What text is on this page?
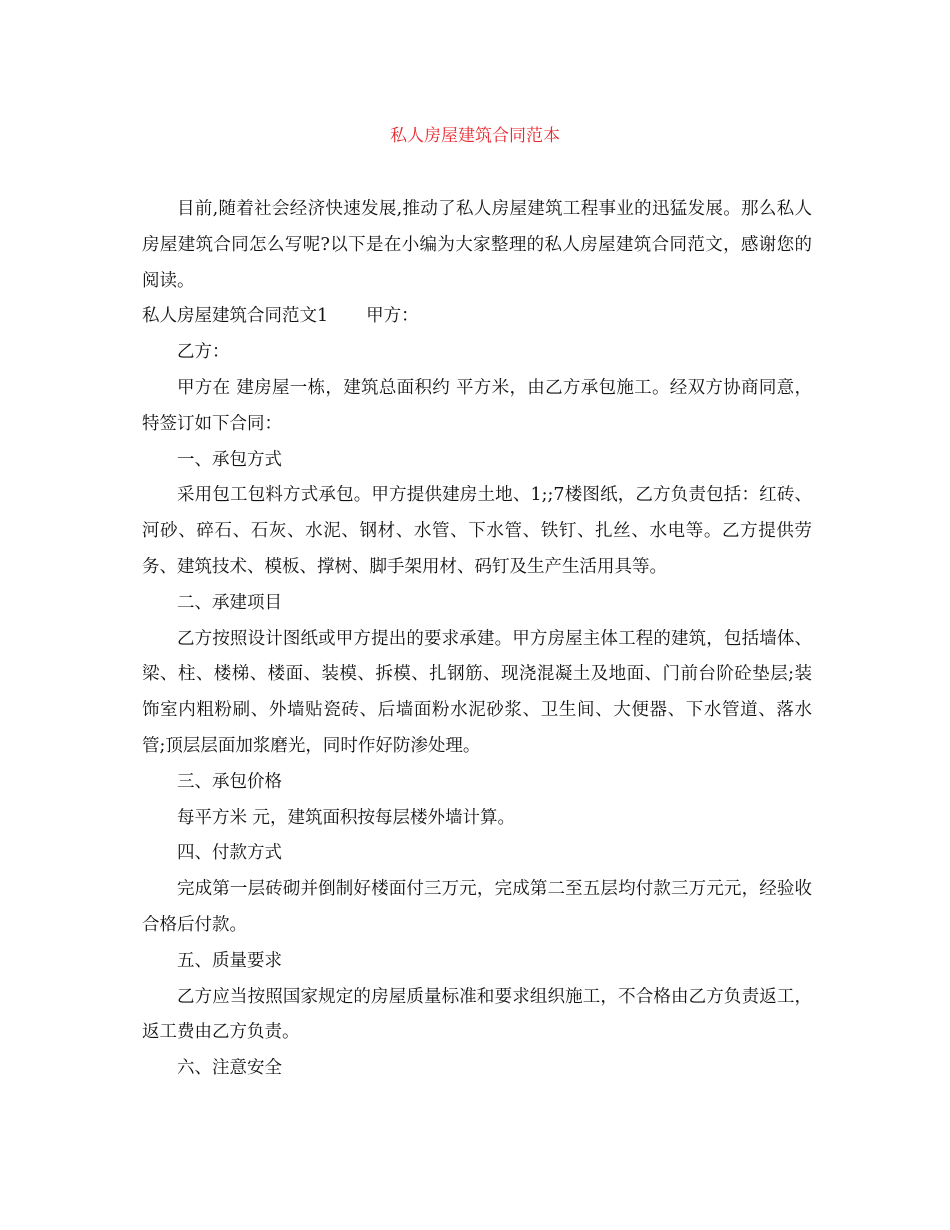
私人房屋建筑合同范本

目前,随着社会经济快速发展,推动了私人房屋建筑工程事业的迅猛发展。那么私人房屋建筑合同怎么写呢?以下是在小编为大家整理的私人房屋建筑合同范文，感谢您的阅读。

私人房屋建筑合同范文1 甲方：

乙方：

甲方在 建房屋一栋，建筑总面积约 平方米，由乙方承包施工。经双方协商同意，特签订如下合同：

一、承包方式

采用包工包料方式承包。甲方提供建房土地、1;;7楼图纸，乙方负责包括：红砖、河砂、碎石、石灰、水泥、钢材、水管、下水管、铁钉、扎丝、水电等。乙方提供劳务、建筑技术、模板、撑树、脚手架用材、码钉及生产生活用具等。

二、承建项目

乙方按照设计图纸或甲方提出的要求承建。甲方房屋主体工程的建筑，包括墙体、梁、柱、楼梯、楼面、装模、拆模、扎钢筋、现浇混凝土及地面、门前台阶砼垫层;装饰室内粗粉刷、外墙贴瓷砖、后墙面粉水泥砂浆、卫生间、大便器、下水管道、落水管;顶层层面加浆磨光，同时作好防渗处理。

三、承包价格

每平方米 元，建筑面积按每层楼外墙计算。

四、付款方式

完成第一层砖砌并倒制好楼面付三万元，完成第二至五层均付款三万元元，经验收合格后付款。

五、质量要求

乙方应当按照国家规定的房屋质量标准和要求组织施工，不合格由乙方负责返工，返工费由乙方负责。

六、注意安全
